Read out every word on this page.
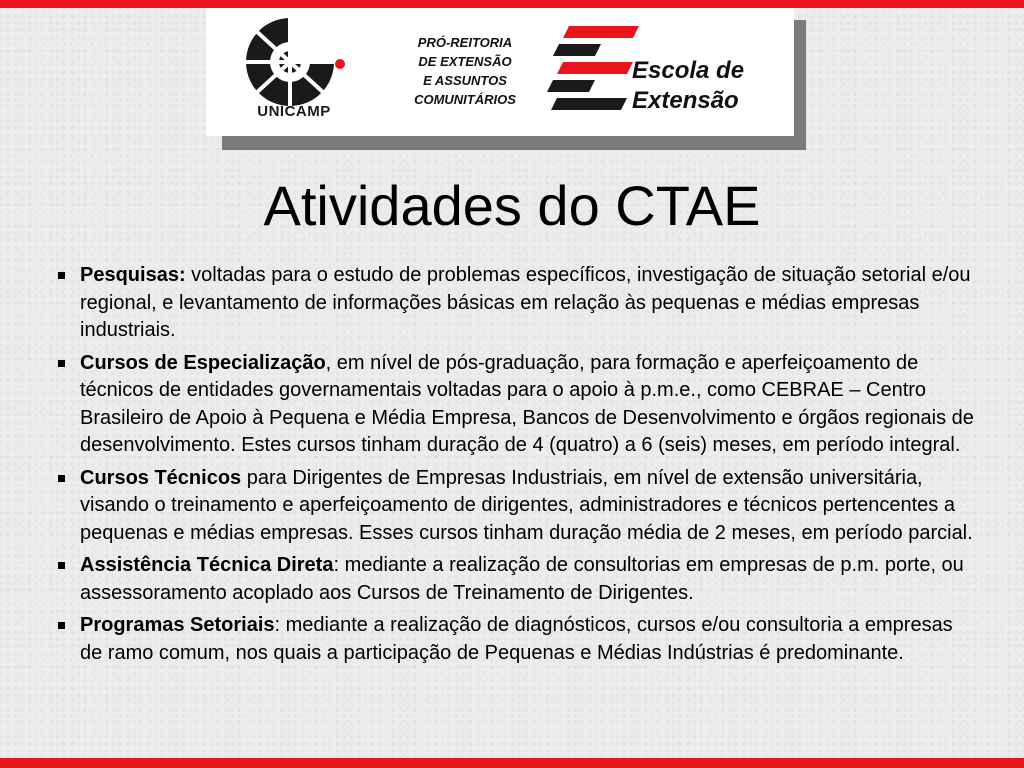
UNICAMP
PRÓ-REITORIA
DE EXTENSÃO
E ASSUNTOS
COMUNITÁRIOS
Escola de
Extensão
Atividades do CTAE
Pesquisas: voltadas para o estudo de problemas específicos, investigação de situação setorial e/ou regional, e levantamento de informações básicas em relação às pequenas e médias empresas industriais.
Cursos de Especialização, em nível de pós-graduação, para formação e aperfeiçoamento de técnicos de entidades governamentais voltadas para o apoio à p.m.e., como CEBRAE – Centro Brasileiro de Apoio à Pequena e Média Empresa, Bancos de Desenvolvimento e órgãos regionais de desenvolvimento. Estes cursos tinham duração de 4 (quatro) a 6 (seis) meses, em período integral.
Cursos Técnicos para Dirigentes de Empresas Industriais, em nível de extensão universitária, visando o treinamento e aperfeiçoamento de dirigentes, administradores e técnicos pertencentes a pequenas e médias empresas. Esses cursos tinham duração média de 2 meses, em período parcial.
Assistência Técnica Direta: mediante a realização de consultorias em empresas de p.m. porte, ou assessoramento acoplado aos Cursos de Treinamento de Dirigentes.
Programas Setoriais: mediante a realização de diagnósticos, cursos e/ou consultoria a empresas de ramo comum, nos quais a participação de Pequenas e Médias Indústrias é predominante.
